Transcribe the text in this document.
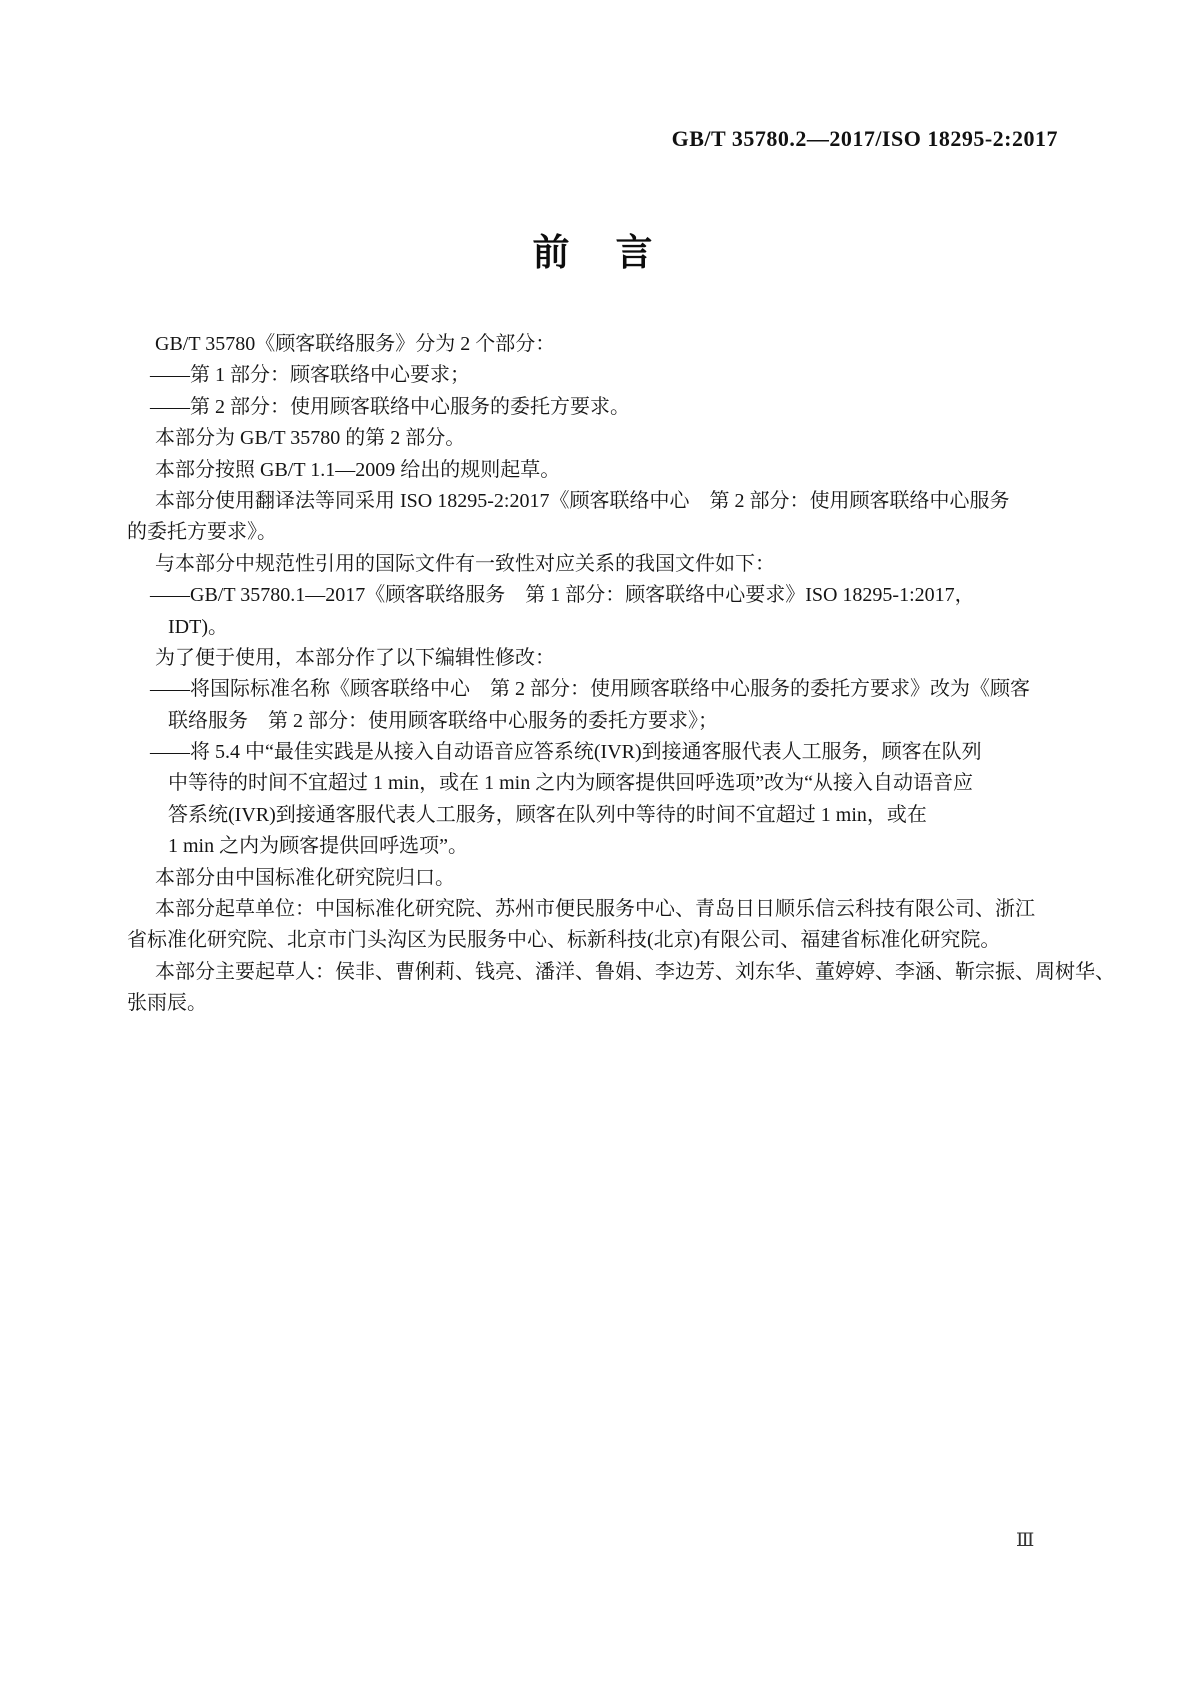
GB/T 35780.2—2017/ISO 18295-2:2017
前言
GB/T 35780《顾客联络服务》分为 2 个部分：
——第 1 部分：顾客联络中心要求；
——第 2 部分：使用顾客联络中心服务的委托方要求。
本部分为 GB/T 35780 的第 2 部分。
本部分按照 GB/T 1.1—2009 给出的规则起草。
本部分使用翻译法等同采用 ISO 18295-2:2017《顾客联络中心　第 2 部分：使用顾客联络中心服务
的委托方要求》。
与本部分中规范性引用的国际文件有一致性对应关系的我国文件如下：
——GB/T 35780.1—2017《顾客联络服务　第 1 部分：顾客联络中心要求》ISO 18295-1:2017，
IDT)。
为了便于使用，本部分作了以下编辑性修改：
——将国际标准名称《顾客联络中心　第 2 部分：使用顾客联络中心服务的委托方要求》改为《顾客
联络服务　第 2 部分：使用顾客联络中心服务的委托方要求》；
——将 5.4 中“最佳实践是从接入自动语音应答系统(IVR)到接通客服代表人工服务，顾客在队列
中等待的时间不宜超过 1 min，或在 1 min 之内为顾客提供回呼选项”改为“从接入自动语音应
答系统(IVR)到接通客服代表人工服务，顾客在队列中等待的时间不宜超过 1 min，或在
1 min 之内为顾客提供回呼选项”。
本部分由中国标准化研究院归口。
本部分起草单位：中国标准化研究院、苏州市便民服务中心、青岛日日顺乐信云科技有限公司、浙江
省标准化研究院、北京市门头沟区为民服务中心、标新科技(北京)有限公司、福建省标准化研究院。
本部分主要起草人：侯非、曹俐莉、钱亮、潘洋、鲁娟、李边芳、刘东华、董婷婷、李涵、靳宗振、周树华、
张雨辰。
Ⅲ
